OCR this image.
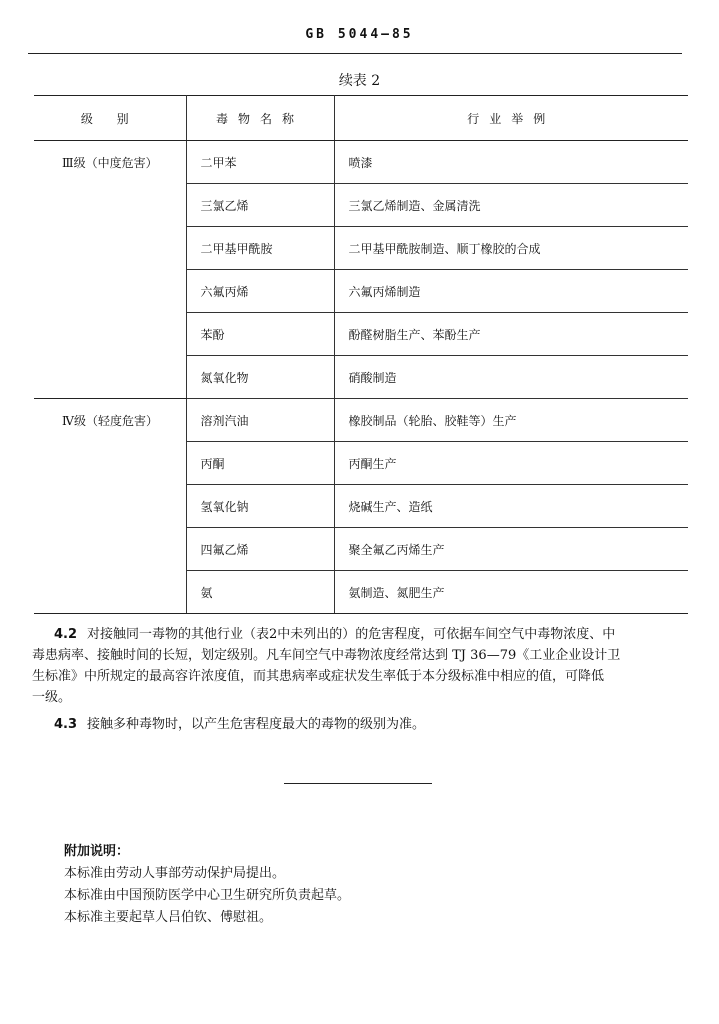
GB 5044—85
续表 2
级 别	毒物名称	行业举例
Ⅲ级（中度危害）	二甲苯	喷漆
	三氯乙烯	三氯乙烯制造、金属清洗
	二甲基甲酰胺	二甲基甲酰胺制造、顺丁橡胶的合成
	六氟丙烯	六氟丙烯制造
	苯酚	酚醛树脂生产、苯酚生产
	氮氧化物	硝酸制造
Ⅳ级（轻度危害）	溶剂汽油	橡胶制品（轮胎、胶鞋等）生产
	丙酮	丙酮生产
	氢氧化钠	烧碱生产、造纸
	四氟乙烯	聚全氟乙丙烯生产
	氨	氨制造、氮肥生产
4.2 对接触同一毒物的其他行业（表2中未列出的）的危害程度，可依据车间空气中毒物浓度、中
毒患病率、接触时间的长短，划定级别。凡车间空气中毒物浓度经常达到 TJ 36—79《工业企业设计卫
生标准》中所规定的最高容许浓度值，而其患病率或症状发生率低于本分级标准中相应的值，可降低
一级。
4.3 接触多种毒物时，以产生危害程度最大的毒物的级别为准。
附加说明：
本标准由劳动人事部劳动保护局提出。
本标准由中国预防医学中心卫生研究所负责起草。
本标准主要起草人吕伯钦、傅慰祖。
